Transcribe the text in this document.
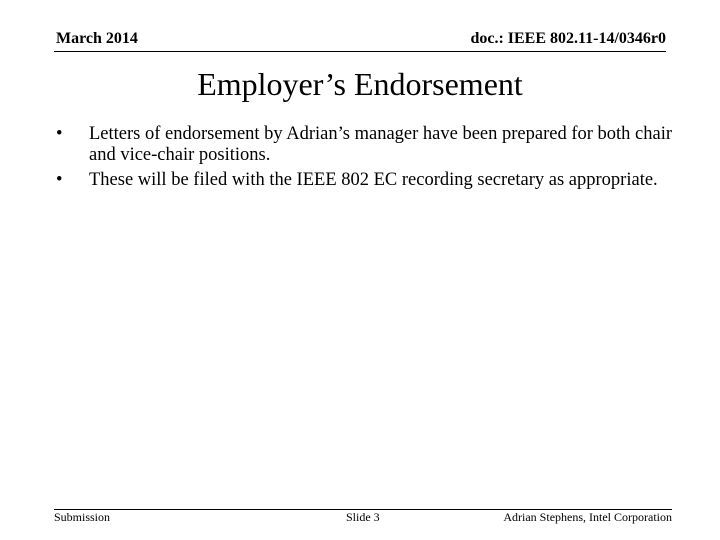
March 2014	doc.: IEEE 802.11-14/0346r0
Employer’s Endorsement
•	Letters of endorsement by Adrian’s manager have been prepared for both chair and vice-chair positions.
•	These will be filed with the IEEE 802 EC recording secretary as appropriate.
Submission	Slide 3	Adrian Stephens, Intel Corporation
